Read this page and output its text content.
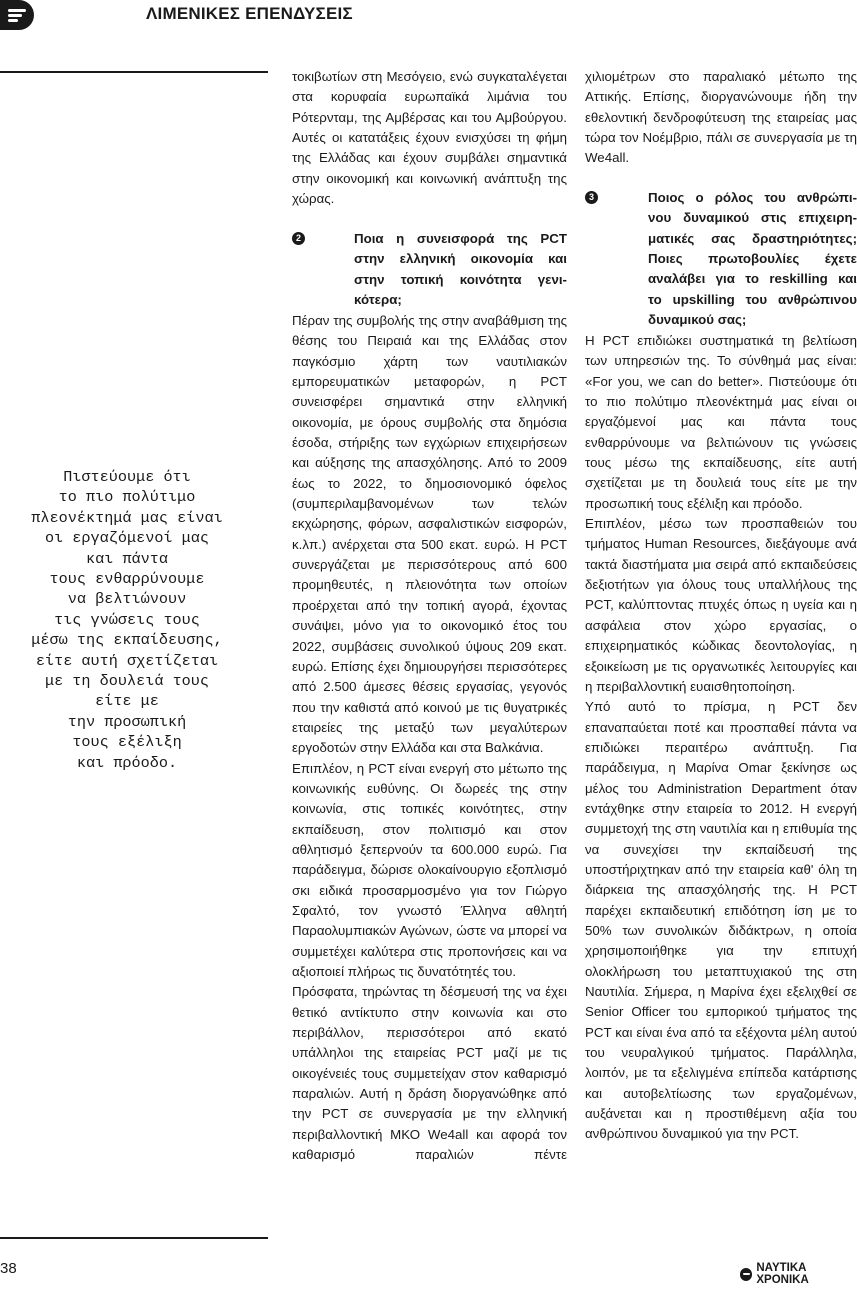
ΛΙΜΕΝΙΚΕΣ ΕΠΕΝΔΥΣΕΙΣ
Πιστεύουμε ότι
το πιο πολύτιμο
πλεονέκτημά μας είναι
οι εργαζόμενοί μας
και πάντα
τους ενθαρρύνουμε
να βελτιώνουν
τις γνώσεις τους
μέσω της εκπαίδευσης,
είτε αυτή σχετίζεται
με τη δουλειά τους
είτε με
την προσωπική
τους εξέλιξη
και πρόοδο.

τοκιβωτίων στη Μεσόγειο, ενώ συγκαταλέγεται στα κορυφαία ευρωπαϊκά λιμάνια του Ρότερνταμ, της Αμβέρσας και του Αμβούργου. Αυτές οι κατατάξεις έχουν ενισχύσει τη φήμη της Ελλάδας και έχουν συμβάλει σημαντικά στην οικονομική και κοινωνική ανάπτυξη της χώρας.

2	Ποια η συνεισφορά της PCT
στην ελληνική οικονομία και
στην τοπική κοινότητα γενι-
κότερα;

Πέραν της συμβολής της στην αναβάθμιση της θέσης του Πειραιά και της Ελλάδας στον παγκόσμιο χάρτη των ναυτιλιακών εμπορευματικών μεταφορών, η PCT συνεισφέρει σημαντικά στην ελληνική οικονομία, με όρους συμβολής στα δημόσια έσοδα, στήριξης των εγχώριων επιχειρήσεων και αύξησης της απασχόλησης. Από το 2009 έως το 2022, το δημοσιονομικό όφελος (συμπεριλαμβανομένων των τελών εκχώρησης, φόρων, ασφαλιστικών εισφορών, κ.λπ.) ανέρχεται στα 500 εκατ. ευρώ. Η PCT συνεργάζεται με περισσότερους από 600 προμηθευτές, η πλειονότητα των οποίων προέρχεται από την τοπική αγορά, έχοντας συνάψει, μόνο για το οικονομικό έτος του 2022, συμβάσεις συνολικού ύψους 209 εκατ. ευρώ. Επίσης έχει δημιουργήσει περισσότερες από 2.500 άμεσες θέσεις εργασίας, γεγονός που την καθιστά από κοινού με τις θυγατρικές εταιρείες της μεταξύ των μεγαλύτερων εργοδοτών στην Ελλάδα και στα Βαλκάνια.

Επιπλέον, η PCT είναι ενεργή στο μέτωπο της κοινωνικής ευθύνης. Οι δωρεές της στην κοινωνία, στις τοπικές κοινότητες, στην εκπαίδευση, στον πολιτισμό και στον αθλητισμό ξεπερνούν τα 600.000 ευρώ. Για παράδειγμα, δώρισε ολοκαίνουργιο εξοπλισμό σκι ειδικά προσαρμοσμένο για τον Γιώργο Σφαλτό, τον γνωστό Έλληνα αθλητή Παραολυμπιακών Αγώνων, ώστε να μπορεί να συμμετέχει καλύτερα στις προπονήσεις και να αξιοποιεί πλήρως τις δυνατότητές του.

Πρόσφατα, τηρώντας τη δέσμευσή της να έχει θετικό αντίκτυπο στην κοινωνία και στο περιβάλλον, περισσότεροι από εκατό υπάλληλοι της εταιρείας PCT μαζί με τις οικογένειές τους συμμετείχαν στον καθαρισμό παραλιών. Αυτή η δράση διοργανώθηκε από την PCT σε συνεργασία με την ελληνική περιβαλλοντική ΜΚΟ We4all και αφορά τον καθαρισμό παραλιών πέντε

χιλιομέτρων στο παραλιακό μέτωπο της Αττικής. Επίσης, διοργανώνουμε ήδη την εθελοντική δενδροφύτευση της εταιρείας μας τώρα τον Νοέμβριο, πάλι σε συνεργασία με τη We4all.

3	Ποιος ο ρόλος του ανθρώπι-
νου δυναμικού στις επιχειρη-
ματικές σας δραστηριότητες;
Ποιες πρωτοβουλίες έχετε
αναλάβει για το reskilling και
το upskilling του ανθρώπινου
δυναμικού σας;

Η PCT επιδιώκει συστηματικά τη βελτίωση των υπηρεσιών της. Το σύνθημά μας είναι: «For you, we can do better». Πιστεύουμε ότι το πιο πολύτιμο πλεονέκτημά μας είναι οι εργαζόμενοί μας και πάντα τους ενθαρρύνουμε να βελτιώνουν τις γνώσεις τους μέσω της εκπαίδευσης, είτε αυτή σχετίζεται με τη δουλειά τους είτε με την προσωπική τους εξέλιξη και πρόοδο.

Επιπλέον, μέσω των προσπαθειών του τμήματος Human Resources, διεξάγουμε ανά τακτά διαστήματα μια σειρά από εκπαιδεύσεις δεξιοτήτων για όλους τους υπαλλήλους της PCT, καλύπτοντας πτυχές όπως η υγεία και η ασφάλεια στον χώρο εργασίας, ο επιχειρηματικός κώδικας δεοντολογίας, η εξοικείωση με τις οργανωτικές λειτουργίες και η περιβαλλοντική ευαισθητοποίηση.

Υπό αυτό το πρίσμα, η PCT δεν επαναπαύεται ποτέ και προσπαθεί πάντα να επιδιώκει περαιτέρω ανάπτυξη. Για παράδειγμα, η Μαρίνα Omar ξεκίνησε ως μέλος του Administration Department όταν εντάχθηκε στην εταιρεία το 2012. Η ενεργή συμμετοχή της στη ναυτιλία και η επιθυμία της να συνεχίσει την εκπαίδευσή της υποστήριχτηκαν από την εταιρεία καθ' όλη τη διάρκεια της απασχόλησής της. Η PCT παρέχει εκπαιδευτική επιδότηση ίση με το 50% των συνολικών διδάκτρων, η οποία χρησιμοποιήθηκε για την επιτυχή ολοκλήρωση του μεταπτυχιακού της στη Ναυτιλία. Σήμερα, η Μαρίνα έχει εξελιχθεί σε Senior Officer του εμπορικού τμήματος της PCT και είναι ένα από τα εξέχοντα μέλη αυτού του νευραλγικού τμήματος. Παράλληλα, λοιπόν, με τα εξελιγμένα επίπεδα κατάρτισης και αυτοβελτίωσης των εργαζομένων, αυξάνεται και η προστιθέμενη αξία του ανθρώπινου δυναμικού για την PCT.

38	ΝΑΥΤΙΚΑ ΧΡΟΝΙΚΑ
